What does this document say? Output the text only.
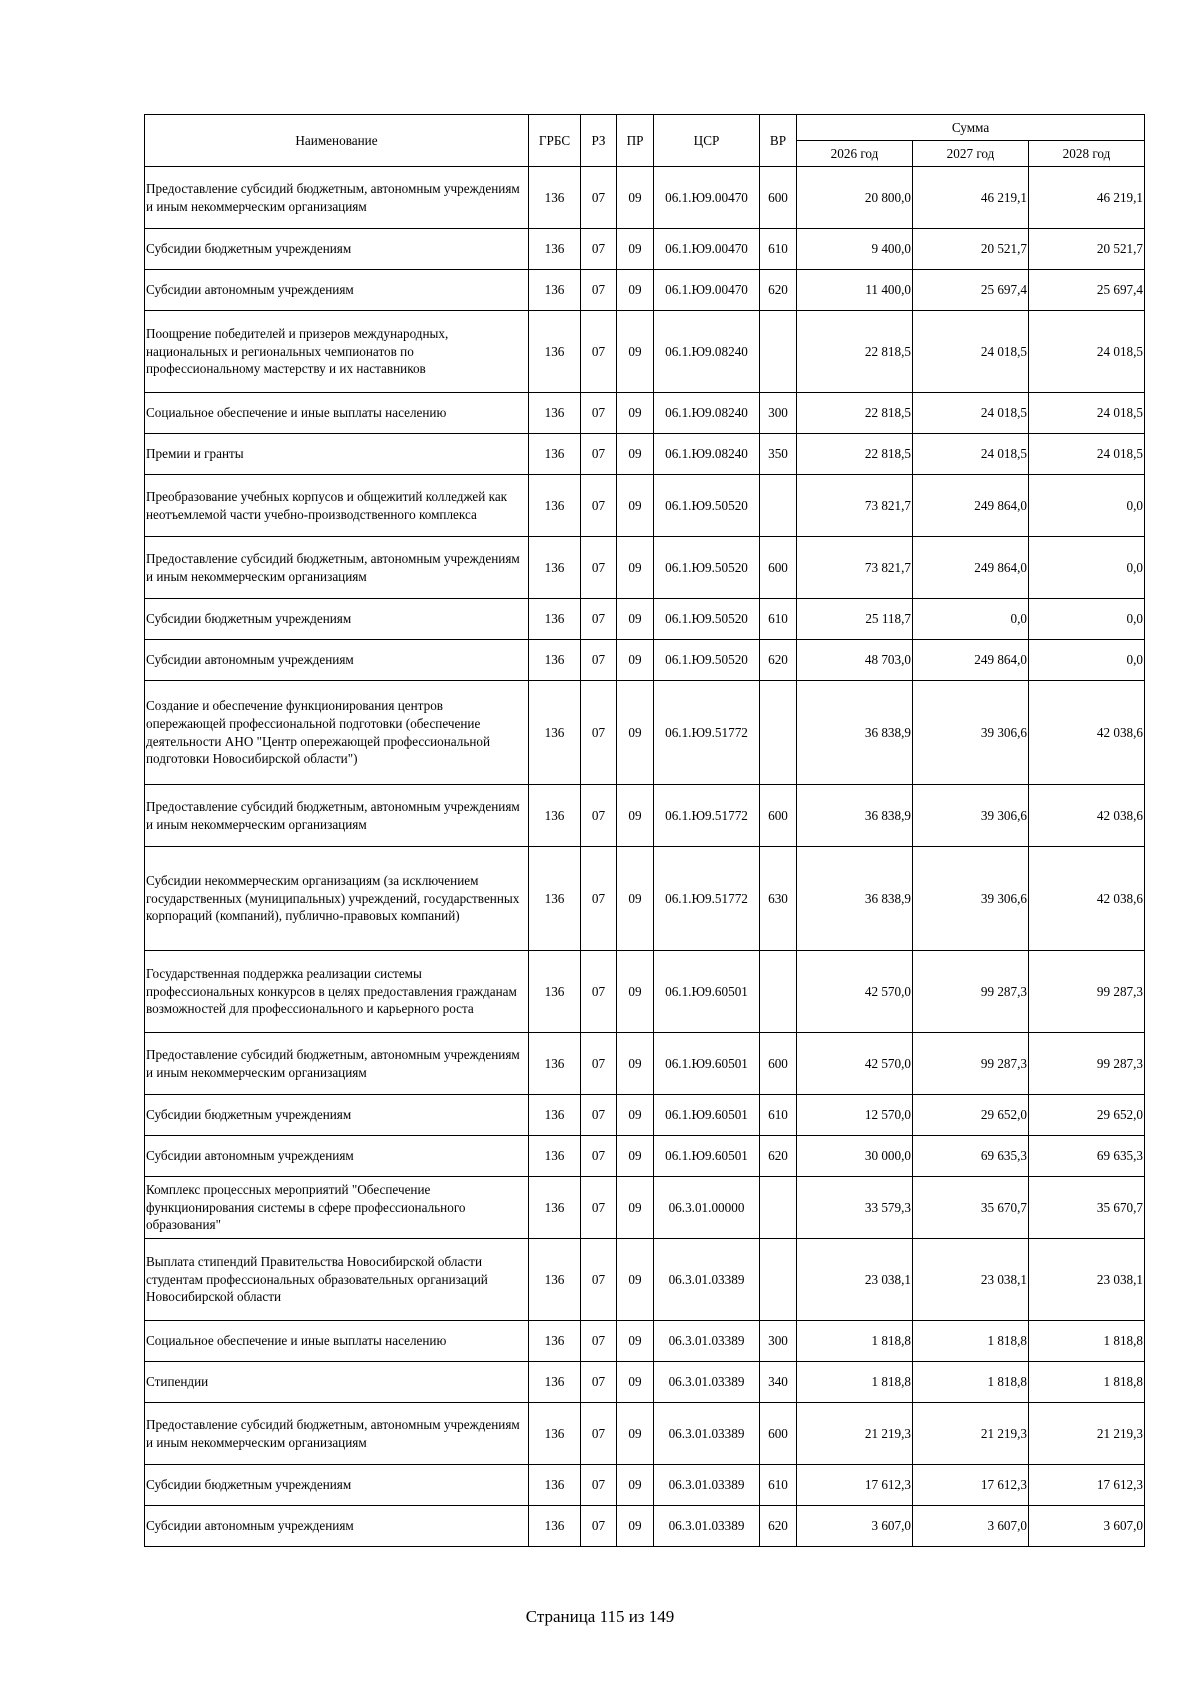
Наименование	ГРБС	РЗ	ПР	ЦСР	ВР	Сумма		
						2026 год	2027 год	2028 год
Предоставление субсидий бюджетным, автономным учреждениям и иным некоммерческим организациям	136	07	09	06.1.Ю9.00470	600	20 800,0	46 219,1	46 219,1
Субсидии бюджетным учреждениям	136	07	09	06.1.Ю9.00470	610	9 400,0	20 521,7	20 521,7
Субсидии автономным учреждениям	136	07	09	06.1.Ю9.00470	620	11 400,0	25 697,4	25 697,4
Поощрение победителей и призеров международных, национальных и региональных чемпионатов по профессиональному мастерству и их наставников	136	07	09	06.1.Ю9.08240		22 818,5	24 018,5	24 018,5
Социальное обеспечение и иные выплаты населению	136	07	09	06.1.Ю9.08240	300	22 818,5	24 018,5	24 018,5
Премии и гранты	136	07	09	06.1.Ю9.08240	350	22 818,5	24 018,5	24 018,5
Преобразование учебных корпусов и общежитий колледжей как неотъемлемой части учебно-производственного комплекса	136	07	09	06.1.Ю9.50520		73 821,7	249 864,0	0,0
Предоставление субсидий бюджетным, автономным учреждениям и иным некоммерческим организациям	136	07	09	06.1.Ю9.50520	600	73 821,7	249 864,0	0,0
Субсидии бюджетным учреждениям	136	07	09	06.1.Ю9.50520	610	25 118,7	0,0	0,0
Субсидии автономным учреждениям	136	07	09	06.1.Ю9.50520	620	48 703,0	249 864,0	0,0
Создание и обеспечение функционирования центров опережающей профессиональной подготовки (обеспечение деятельности АНО "Центр опережающей профессиональной подготовки Новосибирской области")	136	07	09	06.1.Ю9.51772		36 838,9	39 306,6	42 038,6
Предоставление субсидий бюджетным, автономным учреждениям и иным некоммерческим организациям	136	07	09	06.1.Ю9.51772	600	36 838,9	39 306,6	42 038,6
Субсидии некоммерческим организациям (за исключением государственных (муниципальных) учреждений, государственных корпораций (компаний), публично-правовых компаний)	136	07	09	06.1.Ю9.51772	630	36 838,9	39 306,6	42 038,6
Государственная поддержка реализации системы профессиональных конкурсов в целях предоставления гражданам возможностей для профессионального и карьерного роста	136	07	09	06.1.Ю9.60501		42 570,0	99 287,3	99 287,3
Предоставление субсидий бюджетным, автономным учреждениям и иным некоммерческим организациям	136	07	09	06.1.Ю9.60501	600	42 570,0	99 287,3	99 287,3
Субсидии бюджетным учреждениям	136	07	09	06.1.Ю9.60501	610	12 570,0	29 652,0	29 652,0
Субсидии автономным учреждениям	136	07	09	06.1.Ю9.60501	620	30 000,0	69 635,3	69 635,3
Комплекс процессных мероприятий "Обеспечение функционирования системы в сфере профессионального образования"	136	07	09	06.3.01.00000		33 579,3	35 670,7	35 670,7
Выплата стипендий Правительства Новосибирской области студентам профессиональных образовательных организаций Новосибирской области	136	07	09	06.3.01.03389		23 038,1	23 038,1	23 038,1
Социальное обеспечение и иные выплаты населению	136	07	09	06.3.01.03389	300	1 818,8	1 818,8	1 818,8
Стипендии	136	07	09	06.3.01.03389	340	1 818,8	1 818,8	1 818,8
Предоставление субсидий бюджетным, автономным учреждениям и иным некоммерческим организациям	136	07	09	06.3.01.03389	600	21 219,3	21 219,3	21 219,3
Субсидии бюджетным учреждениям	136	07	09	06.3.01.03389	610	17 612,3	17 612,3	17 612,3
Субсидии автономным учреждениям	136	07	09	06.3.01.03389	620	3 607,0	3 607,0	3 607,0
Страница 115 из 149
